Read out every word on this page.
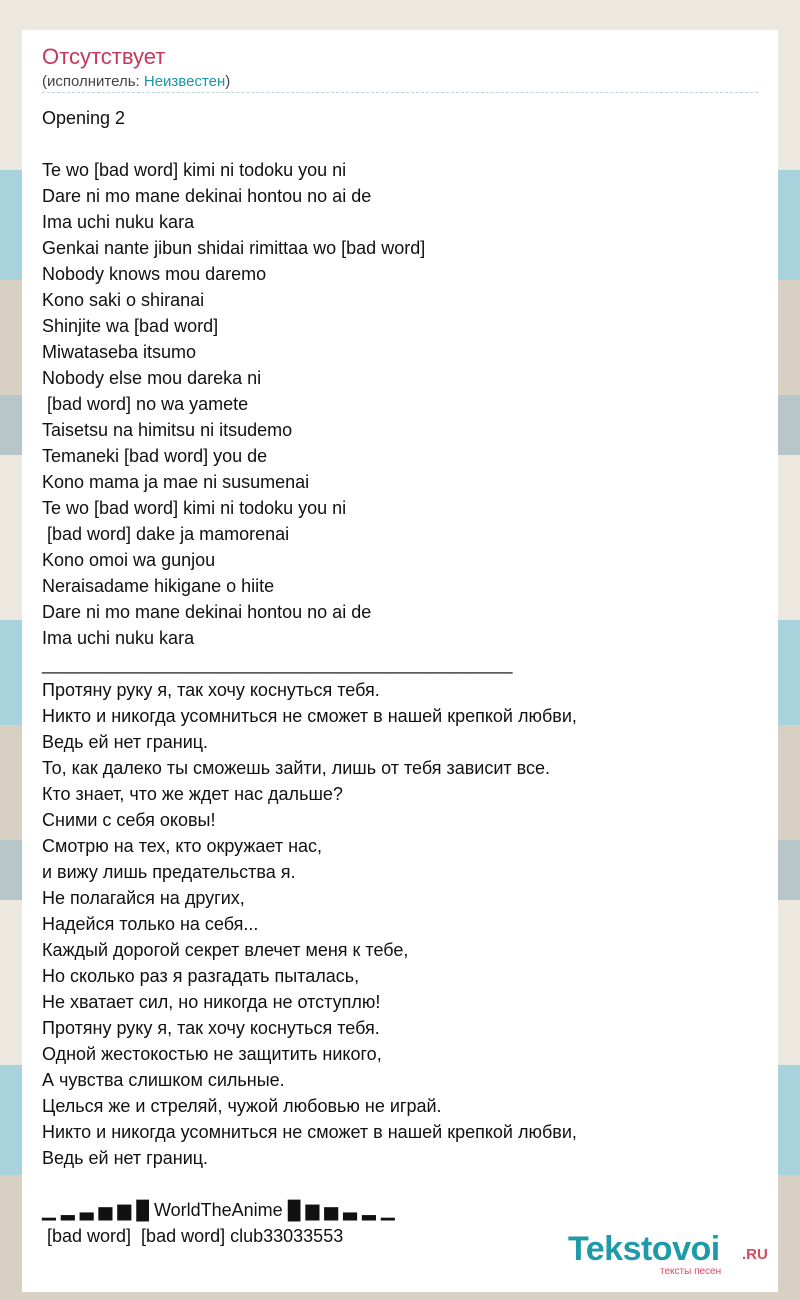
Отсутствует
(исполнитель: Неизвестен)
Opening 2
Te wo [bad word] kimi ni todoku you ni
Dare ni mo mane dekinai hontou no ai de
Ima uchi nuku kara
Genkai nante jibun shidai rimittaa wo [bad word]
Nobody knows mou daremo
Kono saki o shiranai
Shinjite wa [bad word]
Miwataseba itsumo
Nobody else mou dareka ni
[bad word] no wa yamete
Taisetsu na himitsu ni itsudemo
Temaneki [bad word] you de
Kono mama ja mae ni susumenai
Te wo [bad word] kimi ni todoku you ni
[bad word] dake ja mamorenai
Kono omoi wa gunjou
Neraisadame hikigane o hiite
Dare ni mo mane dekinai hontou no ai de
Ima uchi nuku kara
_______________________________________________
Протяну руку я, так хочу коснуться тебя.
Никто и никогда усомниться не сможет в нашей крепкой любви,
Ведь ей нет границ.
То, как далеко ты сможешь зайти, лишь от тебя зависит все.
Кто знает, что же ждет нас дальше?
Сними с себя оковы!
Смотрю на тех, кто окружает нас,
и вижу лишь предательства я.
Не полагайся на других,
Надейся только на себя...
Каждый дорогой секрет влечет меня к тебе,
Но сколько раз я разгадать пыталась,
Не хватает сил, но никогда не отступлю!
Протяну руку я, так хочу коснуться тебя.
Одной жестокостью не защитить никого,
А чувства слишком сильные.
Целься же и стреляй, чужой любовью не играй.
Никто и никогда усомниться не сможет в нашей крепкой любви,
Ведь ей нет границ.
▁ ▂ ▃ ▅ ▆ █ WorldTheAnime █ ▆ ▅ ▃ ▂ ▁
[bad word]  [bad word] club33033553	Tekstovoi .RU
тексты песен
